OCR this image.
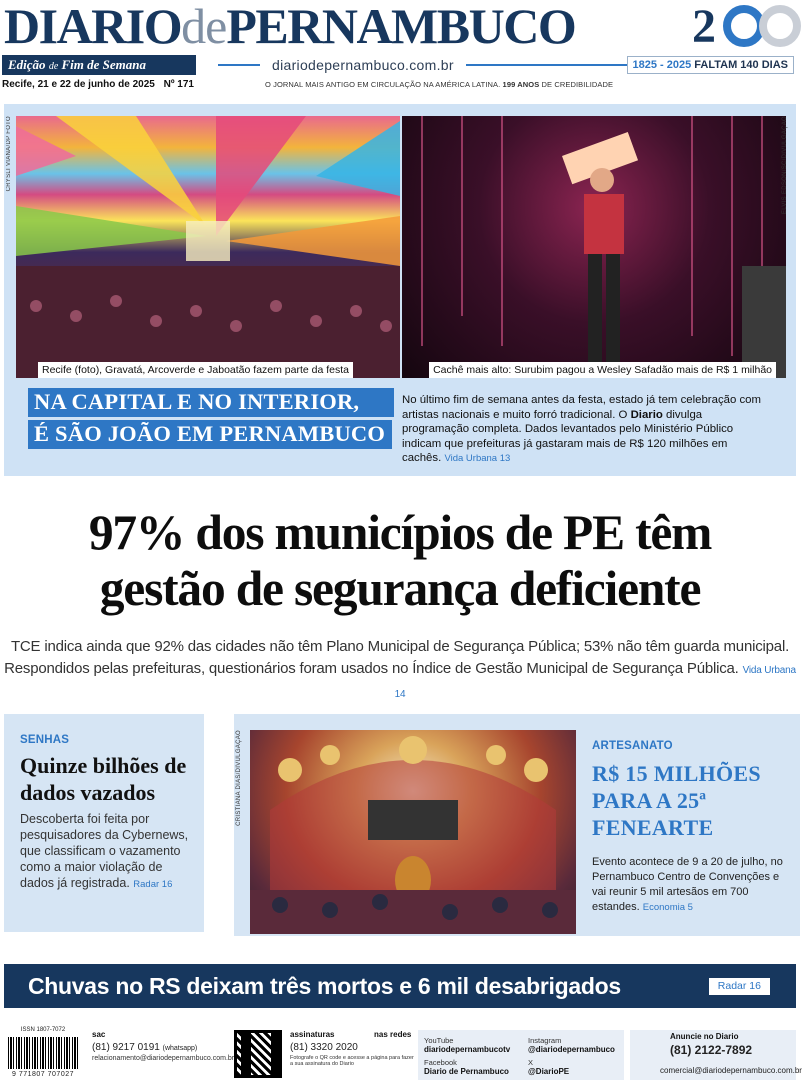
DIARIOdePERNAMBUCO 2
Edição de Fim de Semana	diariodepernambuco.com.br	1825 - 2025 FALTAM 140 DIAS
Recife, 21 e 22 de junho de 2025 Nº 171	O JORNAL MAIS ANTIGO EM CIRCULAÇÃO NA AMÉRICA LATINA. 199 ANOS DE CREDIBILIDADE
CRYSLI VIANA/DP FOTO
Recife (foto), Gravatá, Arcoverde e Jaboatão fazem parte da festa	Cachê mais alto: Surubim pagou a Wesley Safadão mais de R$ 1 milhão
ELVIS EDSON/SC/DIVULGAÇÃO
NA CAPITAL E NO INTERIOR,
É SÃO JOÃO EM PERNAMBUCO
No último fim de semana antes da festa, estado já tem celebração com artistas nacionais e muito forró tradicional. O Diario divulga programação completa. Dados levantados pelo Ministério Público indicam que prefeituras já gastaram mais de R$ 120 milhões em cachês. Vida Urbana 13
97% dos municípios de PE têm
gestão de segurança deficiente
TCE indica ainda que 92% das cidades não têm Plano Municipal de Segurança Pública; 53% não têm guarda municipal.
Respondidos pelas prefeituras, questionários foram usados no Índice de Gestão Municipal de Segurança Pública. Vida Urbana 14
SENHAS
Quinze bilhões de dados vazados

Descoberta foi feita por pesquisadores da Cybernews, que classificam o vazamento como a maior violação de dados já registrada. Radar 16

CRISTIANA DIAS/DIVULGAÇÃO	ARTESANATO
R$ 15 MILHÕES PARA A 25ª FENEARTE

Evento acontece de 9 a 20 de julho, no Pernambuco Centro de Convenções e vai reunir 5 mil artesãos em 700 estandes. Economia 5

Chuvas no RS deixam três mortos e 6 mil desabrigados	Radar 16
ISSN 1807-7072
9 771807 707027
sac
(81) 9217 0191 (whatsapp)
relacionamento@diariodepernambuco.com.br
assinaturas
(81) 3320 2020
Fotografe o QR code e acesse a página para fazer a sua assinatura do Diario
nas redes
YouTube
diariodepernambucotv
Instagram
@diariodepernambuco
Facebook
Diario de Pernambuco
X
@DiarioPE
Anuncie no Diario
(81) 2122-7892
comercial@diariodepernambuco.com.br
